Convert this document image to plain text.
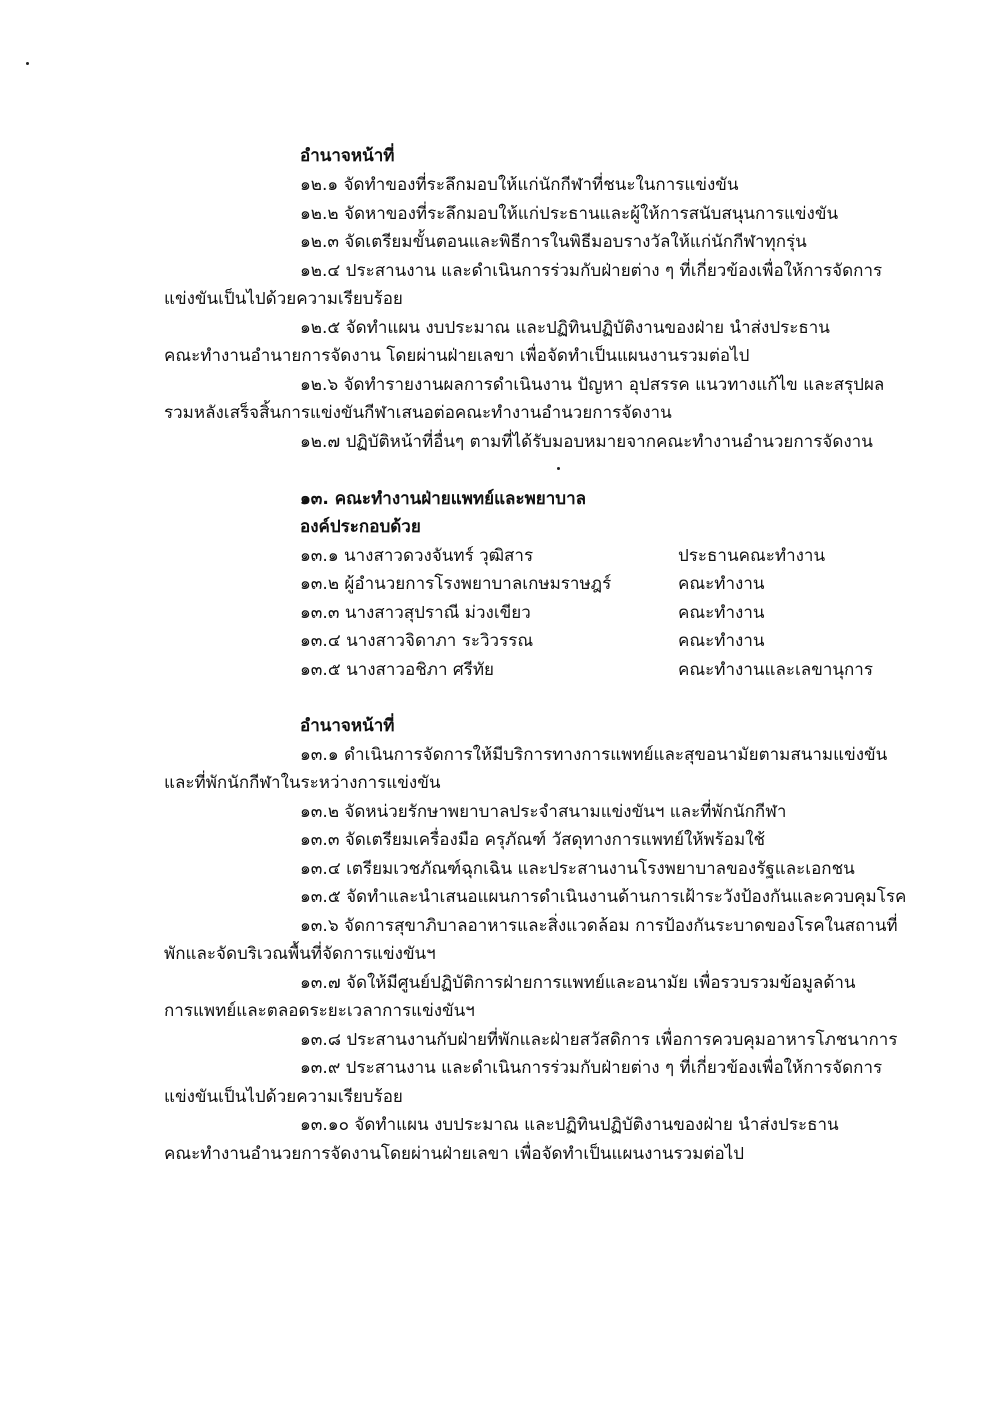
อำนาจหน้าที่
๑๒.๑ จัดทำของที่ระลึกมอบให้แก่นักกีฬาที่ชนะในการแข่งขัน
๑๒.๒ จัดหาของที่ระลึกมอบให้แก่ประธานและผู้ให้การสนับสนุนการแข่งขัน
๑๒.๓ จัดเตรียมขั้นตอนและพิธีการในพิธีมอบรางวัลให้แก่นักกีฬาทุกรุ่น
๑๒.๔ ประสานงาน และดำเนินการร่วมกับฝ่ายต่าง ๆ ที่เกี่ยวข้องเพื่อให้การจัดการ
แข่งขันเป็นไปด้วยความเรียบร้อย
๑๒.๕ จัดทำแผน งบประมาณ และปฏิทินปฏิบัติงานของฝ่าย นำส่งประธาน
คณะทำงานอำนายการจัดงาน โดยผ่านฝ่ายเลขา เพื่อจัดทำเป็นแผนงานรวมต่อไป
๑๒.๖ จัดทำรายงานผลการดำเนินงาน ปัญหา อุปสรรค แนวทางแก้ไข และสรุปผล
รวมหลังเสร็จสิ้นการแข่งขันกีฬาเสนอต่อคณะทำงานอำนวยการจัดงาน
๑๒.๗ ปฏิบัติหน้าที่อื่นๆ ตามที่ได้รับมอบหมายจากคณะทำงานอำนวยการจัดงาน
๑๓. คณะทำงานฝ่ายแพทย์และพยาบาล
องค์ประกอบด้วย
๑๓.๑ นางสาวดวงจันทร์ วุฒิสาร	ประธานคณะทำงาน
๑๓.๒ ผู้อำนวยการโรงพยาบาลเกษมราษฎร์	คณะทำงาน
๑๓.๓ นางสาวสุปราณี ม่วงเขียว	คณะทำงาน
๑๓.๔ นางสาวจิดาภา ระวิวรรณ	คณะทำงาน
๑๓.๕ นางสาวอชิภา ศรีทัย	คณะทำงานและเลขานุการ
อำนาจหน้าที่
๑๓.๑ ดำเนินการจัดการให้มีบริการทางการแพทย์และสุขอนามัยตามสนามแข่งขัน
และที่พักนักกีฬาในระหว่างการแข่งขัน
๑๓.๒ จัดหน่วยรักษาพยาบาลประจำสนามแข่งขันฯ และที่พักนักกีฬา
๑๓.๓ จัดเตรียมเครื่องมือ ครุภัณฑ์ วัสดุทางการแพทย์ให้พร้อมใช้
๑๓.๔ เตรียมเวชภัณฑ์ฉุกเฉิน และประสานงานโรงพยาบาลของรัฐและเอกชน
๑๓.๕ จัดทำและนำเสนอแผนการดำเนินงานด้านการเฝ้าระวังป้องกันและควบคุมโรค
๑๓.๖ จัดการสุขาภิบาลอาหารและสิ่งแวดล้อม การป้องกันระบาดของโรคในสถานที่
พักและจัดบริเวณพื้นที่จัดการแข่งขันฯ
๑๓.๗ จัดให้มีศูนย์ปฏิบัติการฝ่ายการแพทย์และอนามัย เพื่อรวบรวมข้อมูลด้าน
การแพทย์และตลอดระยะเวลาการแข่งขันฯ
๑๓.๘ ประสานงานกับฝ่ายที่พักและฝ่ายสวัสดิการ เพื่อการควบคุมอาหารโภชนาการ
๑๓.๙ ประสานงาน และดำเนินการร่วมกับฝ่ายต่าง ๆ ที่เกี่ยวข้องเพื่อให้การจัดการ
แข่งขันเป็นไปด้วยความเรียบร้อย
๑๓.๑๐ จัดทำแผน งบประมาณ และปฏิทินปฏิบัติงานของฝ่าย นำส่งประธาน
คณะทำงานอำนวยการจัดงานโดยผ่านฝ่ายเลขา เพื่อจัดทำเป็นแผนงานรวมต่อไป
